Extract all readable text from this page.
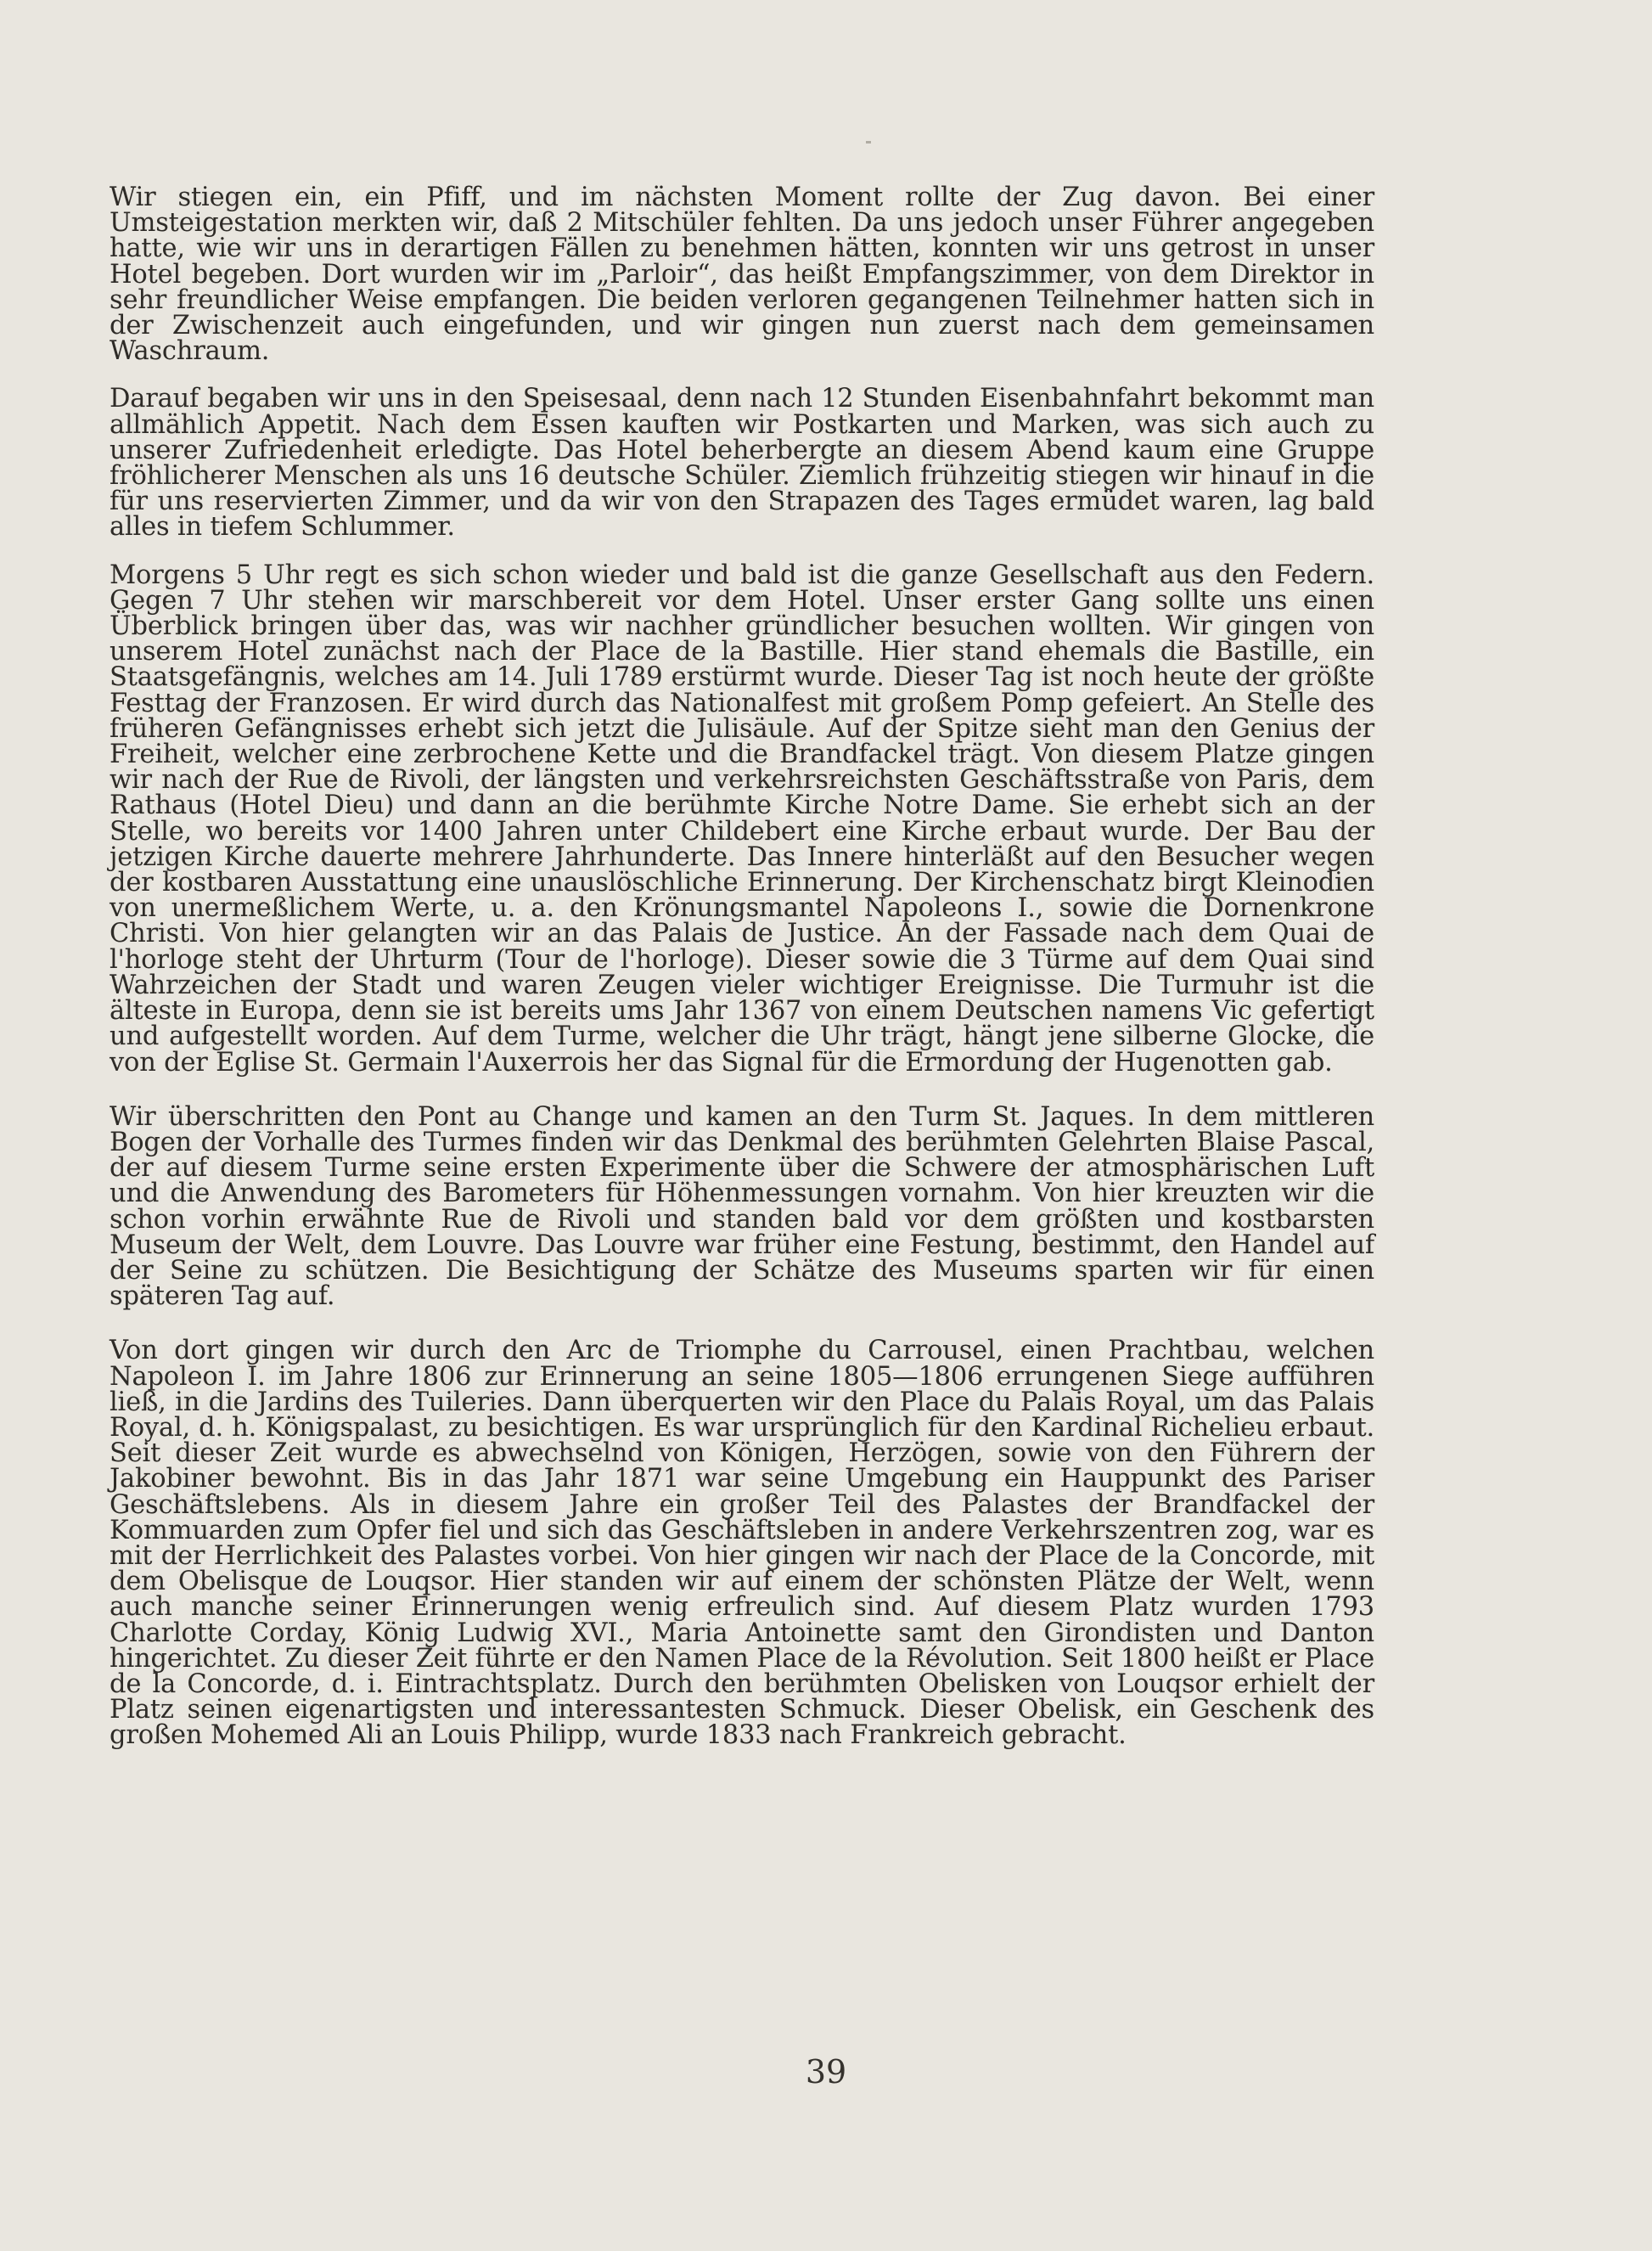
Wir stiegen ein, ein Pfiff, und im nächsten Moment rollte der Zug davon. Bei einer Umsteigestation merkten wir, daß 2 Mitschüler fehlten. Da uns jedoch unser Führer angegeben hatte, wie wir uns in derartigen Fällen zu benehmen hätten, konnten wir uns getrost in unser Hotel begeben. Dort wurden wir im „Parloir“, das heißt Empfangszimmer, von dem Direktor in sehr freundlicher Weise empfangen. Die beiden verloren gegangenen Teilnehmer hatten sich in der Zwischenzeit auch eingefunden, und wir gingen nun zuerst nach dem gemeinsamen Waschraum.

Darauf begaben wir uns in den Speisesaal, denn nach 12 Stunden Eisenbahnfahrt bekommt man allmählich Appetit. Nach dem Essen kauften wir Postkarten und Marken, was sich auch zu unserer Zufriedenheit erledigte. Das Hotel beherbergte an diesem Abend kaum eine Gruppe fröhlicherer Menschen als uns 16 deutsche Schüler. Ziemlich frühzeitig stiegen wir hinauf in die für uns reservierten Zimmer, und da wir von den Strapazen des Tages ermüdet waren, lag bald alles in tiefem Schlummer.

Morgens 5 Uhr regt es sich schon wieder und bald ist die ganze Gesellschaft aus den Federn. Gegen 7 Uhr stehen wir marschbereit vor dem Hotel. Unser erster Gang sollte uns einen Überblick bringen über das, was wir nachher gründlicher besuchen wollten. Wir gingen von unserem Hotel zunächst nach der Place de la Bastille. Hier stand ehemals die Bastille, ein Staatsgefängnis, welches am 14. Juli 1789 erstürmt wurde. Dieser Tag ist noch heute der größte Festtag der Franzosen. Er wird durch das Nationalfest mit großem Pomp gefeiert. An Stelle des früheren Gefängnisses erhebt sich jetzt die Julisäule. Auf der Spitze sieht man den Genius der Freiheit, welcher eine zerbrochene Kette und die Brandfackel trägt. Von diesem Platze gingen wir nach der Rue de Rivoli, der längsten und verkehrsreichsten Geschäftsstraße von Paris, dem Rathaus (Hotel Dieu) und dann an die berühmte Kirche Notre Dame. Sie erhebt sich an der Stelle, wo bereits vor 1400 Jahren unter Childebert eine Kirche erbaut wurde. Der Bau der jetzigen Kirche dauerte mehrere Jahrhunderte. Das Innere hinterläßt auf den Besucher wegen der kostbaren Ausstattung eine unauslöschliche Erinnerung. Der Kirchenschatz birgt Kleinodien von unermeßlichem Werte, u. a. den Krönungsmantel Napoleons I., sowie die Dornenkrone Christi. Von hier gelangten wir an das Palais de Justice. An der Fassade nach dem Quai de l'horloge steht der Uhrturm (Tour de l'horloge). Dieser sowie die 3 Türme auf dem Quai sind Wahrzeichen der Stadt und waren Zeugen vieler wichtiger Ereignisse. Die Turmuhr ist die älteste in Europa, denn sie ist bereits ums Jahr 1367 von einem Deutschen namens Vic gefertigt und aufgestellt worden. Auf dem Turme, welcher die Uhr trägt, hängt jene silberne Glocke, die von der Eglise St. Germain l'Auxerrois her das Signal für die Ermordung der Hugenotten gab.

Wir überschritten den Pont au Change und kamen an den Turm St. Jaques. In dem mittleren Bogen der Vorhalle des Turmes finden wir das Denkmal des berühmten Gelehrten Blaise Pascal, der auf diesem Turme seine ersten Experimente über die Schwere der atmosphärischen Luft und die Anwendung des Barometers für Höhenmessungen vornahm. Von hier kreuzten wir die schon vorhin erwähnte Rue de Rivoli und standen bald vor dem größten und kostbarsten Museum der Welt, dem Louvre. Das Louvre war früher eine Festung, bestimmt, den Handel auf der Seine zu schützen. Die Besichtigung der Schätze des Museums sparten wir für einen späteren Tag auf.

Von dort gingen wir durch den Arc de Triomphe du Carrousel, einen Prachtbau, welchen Napoleon I. im Jahre 1806 zur Erinnerung an seine 1805—1806 errungenen Siege aufführen ließ, in die Jardins des Tuileries. Dann überquerten wir den Place du Palais Royal, um das Palais Royal, d. h. Königspalast, zu besichtigen. Es war ursprünglich für den Kardinal Richelieu erbaut. Seit dieser Zeit wurde es abwechselnd von Königen, Herzögen, sowie von den Führern der Jakobiner bewohnt. Bis in das Jahr 1871 war seine Umgebung ein Hauppunkt des Pariser Geschäftslebens. Als in diesem Jahre ein großer Teil des Palastes der Brandfackel der Kommuarden zum Opfer fiel und sich das Geschäftsleben in andere Verkehrszentren zog, war es mit der Herrlichkeit des Palastes vorbei. Von hier gingen wir nach der Place de la Concorde, mit dem Obelisque de Louqsor. Hier standen wir auf einem der schönsten Plätze der Welt, wenn auch manche seiner Erinnerungen wenig erfreulich sind. Auf diesem Platz wurden 1793 Charlotte Corday, König Ludwig XVI., Maria Antoinette samt den Girondisten und Danton hingerichtet. Zu dieser Zeit führte er den Namen Place de la Révolution. Seit 1800 heißt er Place de la Concorde, d. i. Eintrachtsplatz. Durch den berühmten Obelisken von Louqsor erhielt der Platz seinen eigenartigsten und interessantesten Schmuck. Dieser Obelisk, ein Geschenk des großen Mohemed Ali an Louis Philipp, wurde 1833 nach Frankreich gebracht.

39
